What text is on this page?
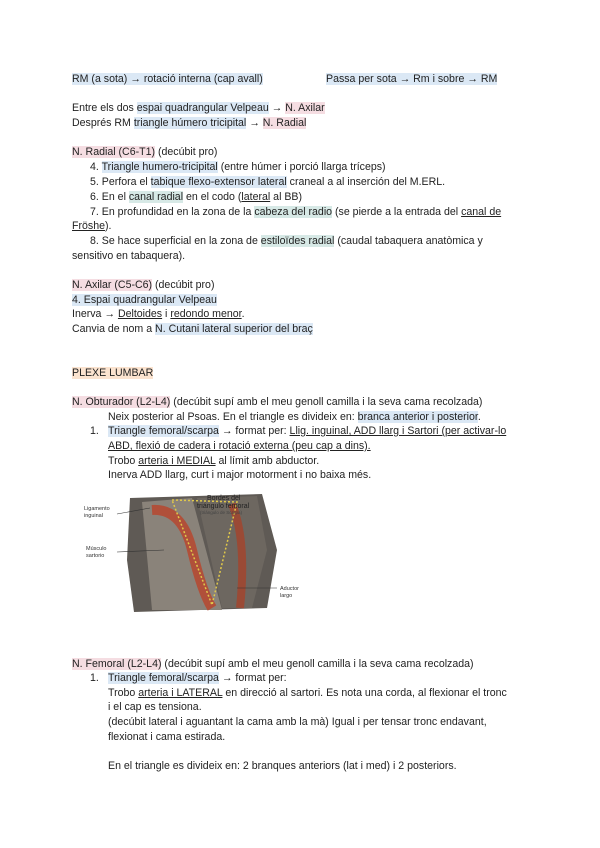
RM (a sota) → rotació interna (cap avall)	Passa per sota → Rm i sobre → RM
Entre els dos espai quadrangular Velpeau → N. Axilar
Després RM triangle húmero tricipital → N. Radial
N. Radial (C6-T1) (decúbit pro)
4. Triangle humero-tricipital (entre húmer i porció llarga tríceps)
5. Perfora el tabique flexo-extensor lateral craneal a al inserción del M.ERL.
6. En el canal radial en el codo (lateral al BB)
7. En profundidad en la zona de la cabeza del radio (se pierde a la entrada del canal de
Fröshe).
8. Se hace superficial en la zona de estiloïdes radial (caudal tabaquera anatòmica y
sensitivo en tabaquera).
N. Axilar (C5-C6) (decúbit pro)
4. Espai quadrangular Velpeau
Inerva → Deltoides i redondo menor.
Canvia de nom a N. Cutani lateral superior del braç
PLEXE LUMBAR
N. Obturador (L2-L4) (decúbit supí amb el meu genoll camilla i la seva cama recolzada)
Neix posterior al Psoas. En el triangle es divideix en: branca anterior i posterior.
1. Triangle femoral/scarpa → format per: Llig. inguinal, ADD llarg i Sartori (per activar-lo
ABD, flexió de cadera i rotació externa (peu cap a dins).
Trobo arteria i MEDIAL al límit amb abductor.
Inerva ADD llarg, curt i major motorment i no baixa més.
Ligamento
inguinal
Músculo
sartorio
Bordes del
triángulo femoral
(triángulo de Scarpa)
Aductor
largo
N. Femoral (L2-L4) (decúbit supí amb el meu genoll camilla i la seva cama recolzada)
1. Triangle femoral/scarpa → format per:
Trobo arteria i LATERAL en direcció al sartori. Es nota una corda, al flexionar el tronc
i el cap es tensiona.
(decúbit lateral i aguantant la cama amb la mà) Igual i per tensar tronc endavant,
flexionat i cama estirada.
En el triangle es divideix en: 2 branques anteriors (lat i med) i 2 posteriors.
